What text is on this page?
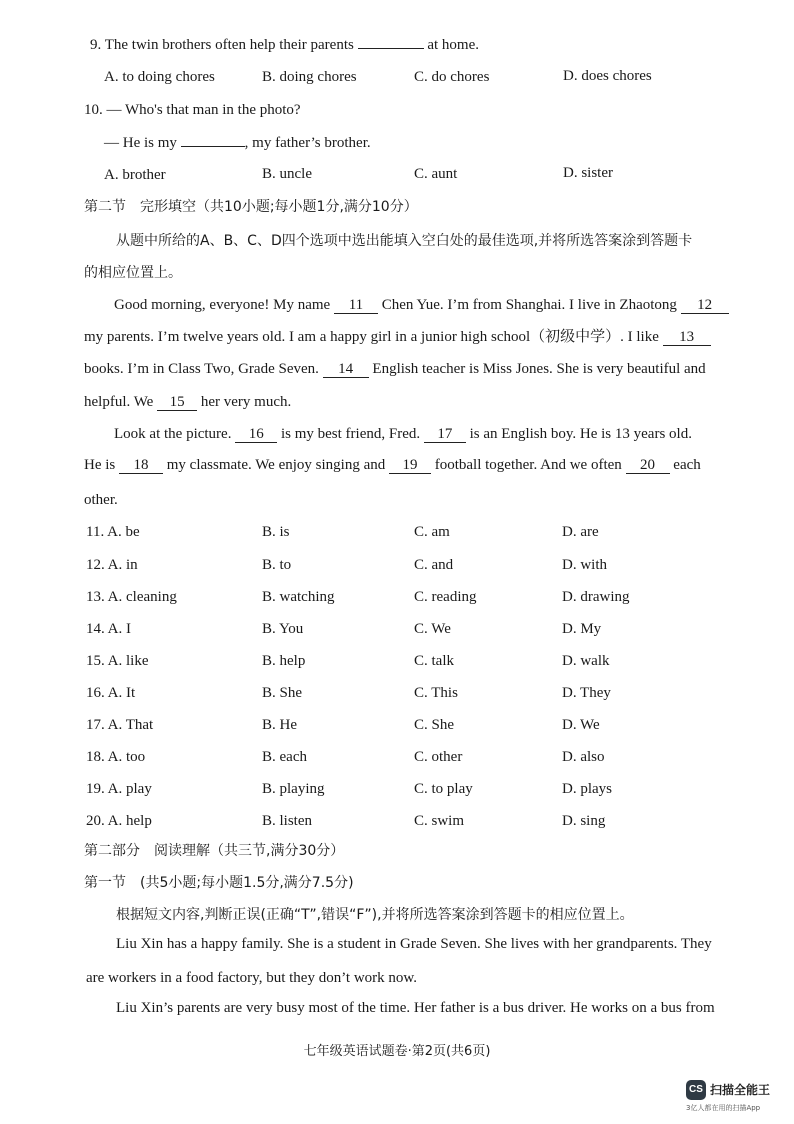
9. The twin brothers often help their parents	at home.
A. to doing chores	B. doing chores	C. do chores	D. does chores
10. — Who's that man in the photo?
— He is my	, my father’s brother.
A. brother	B. uncle	C. aunt	D. sister
第二节　完形填空（共10小题;每小题1分,满分10分）
从题中所给的A、B、C、D四个选项中选出能填入空白处的最佳选项,并将所选答案涂到答题卡
的相应位置上。
Good morning, everyone! My name 11 Chen Yue. I’m from Shanghai. I live in Zhaotong 12
my parents. I’m twelve years old. I am a happy girl in a junior high school（初级中学）. I like 13
books. I’m in Class Two, Grade Seven. 14 English teacher is Miss Jones. She is very beautiful and
helpful. We 15 her very much.
Look at the picture. 16 is my best friend, Fred. 17 is an English boy. He is 13 years old.
He is 18 my classmate. We enjoy singing and 19 football together. And we often 20 each
other.
11. A. be	B. is	C. am	D. are
12. A. in	B. to	C. and	D. with
13. A. cleaning	B. watching	C. reading	D. drawing
14. A. I	B. You	C. We	D. My
15. A. like	B. help	C. talk	D. walk
16. A. It	B. She	C. This	D. They
17. A. That	B. He	C. She	D. We
18. A. too	B. each	C. other	D. also
19. A. play	B. playing	C. to play	D. plays
20. A. help	B. listen	C. swim	D. sing
第二部分　阅读理解（共三节,满分30分）
第一节　(共5小题;每小题1.5分,满分7.5分)
根据短文内容,判断正误(正确“T”,错误“F”),并将所选答案涂到答题卡的相应位置上。
Liu Xin has a happy family. She is a student in Grade Seven. She lives with her grandparents. They
are workers in a food factory, but they don’t work now.
Liu Xin’s parents are very busy most of the time. Her father is a bus driver. He works on a bus from
七年级英语试题卷·第2页(共6页)
CS 扫描全能王
3亿人都在用的扫描App
